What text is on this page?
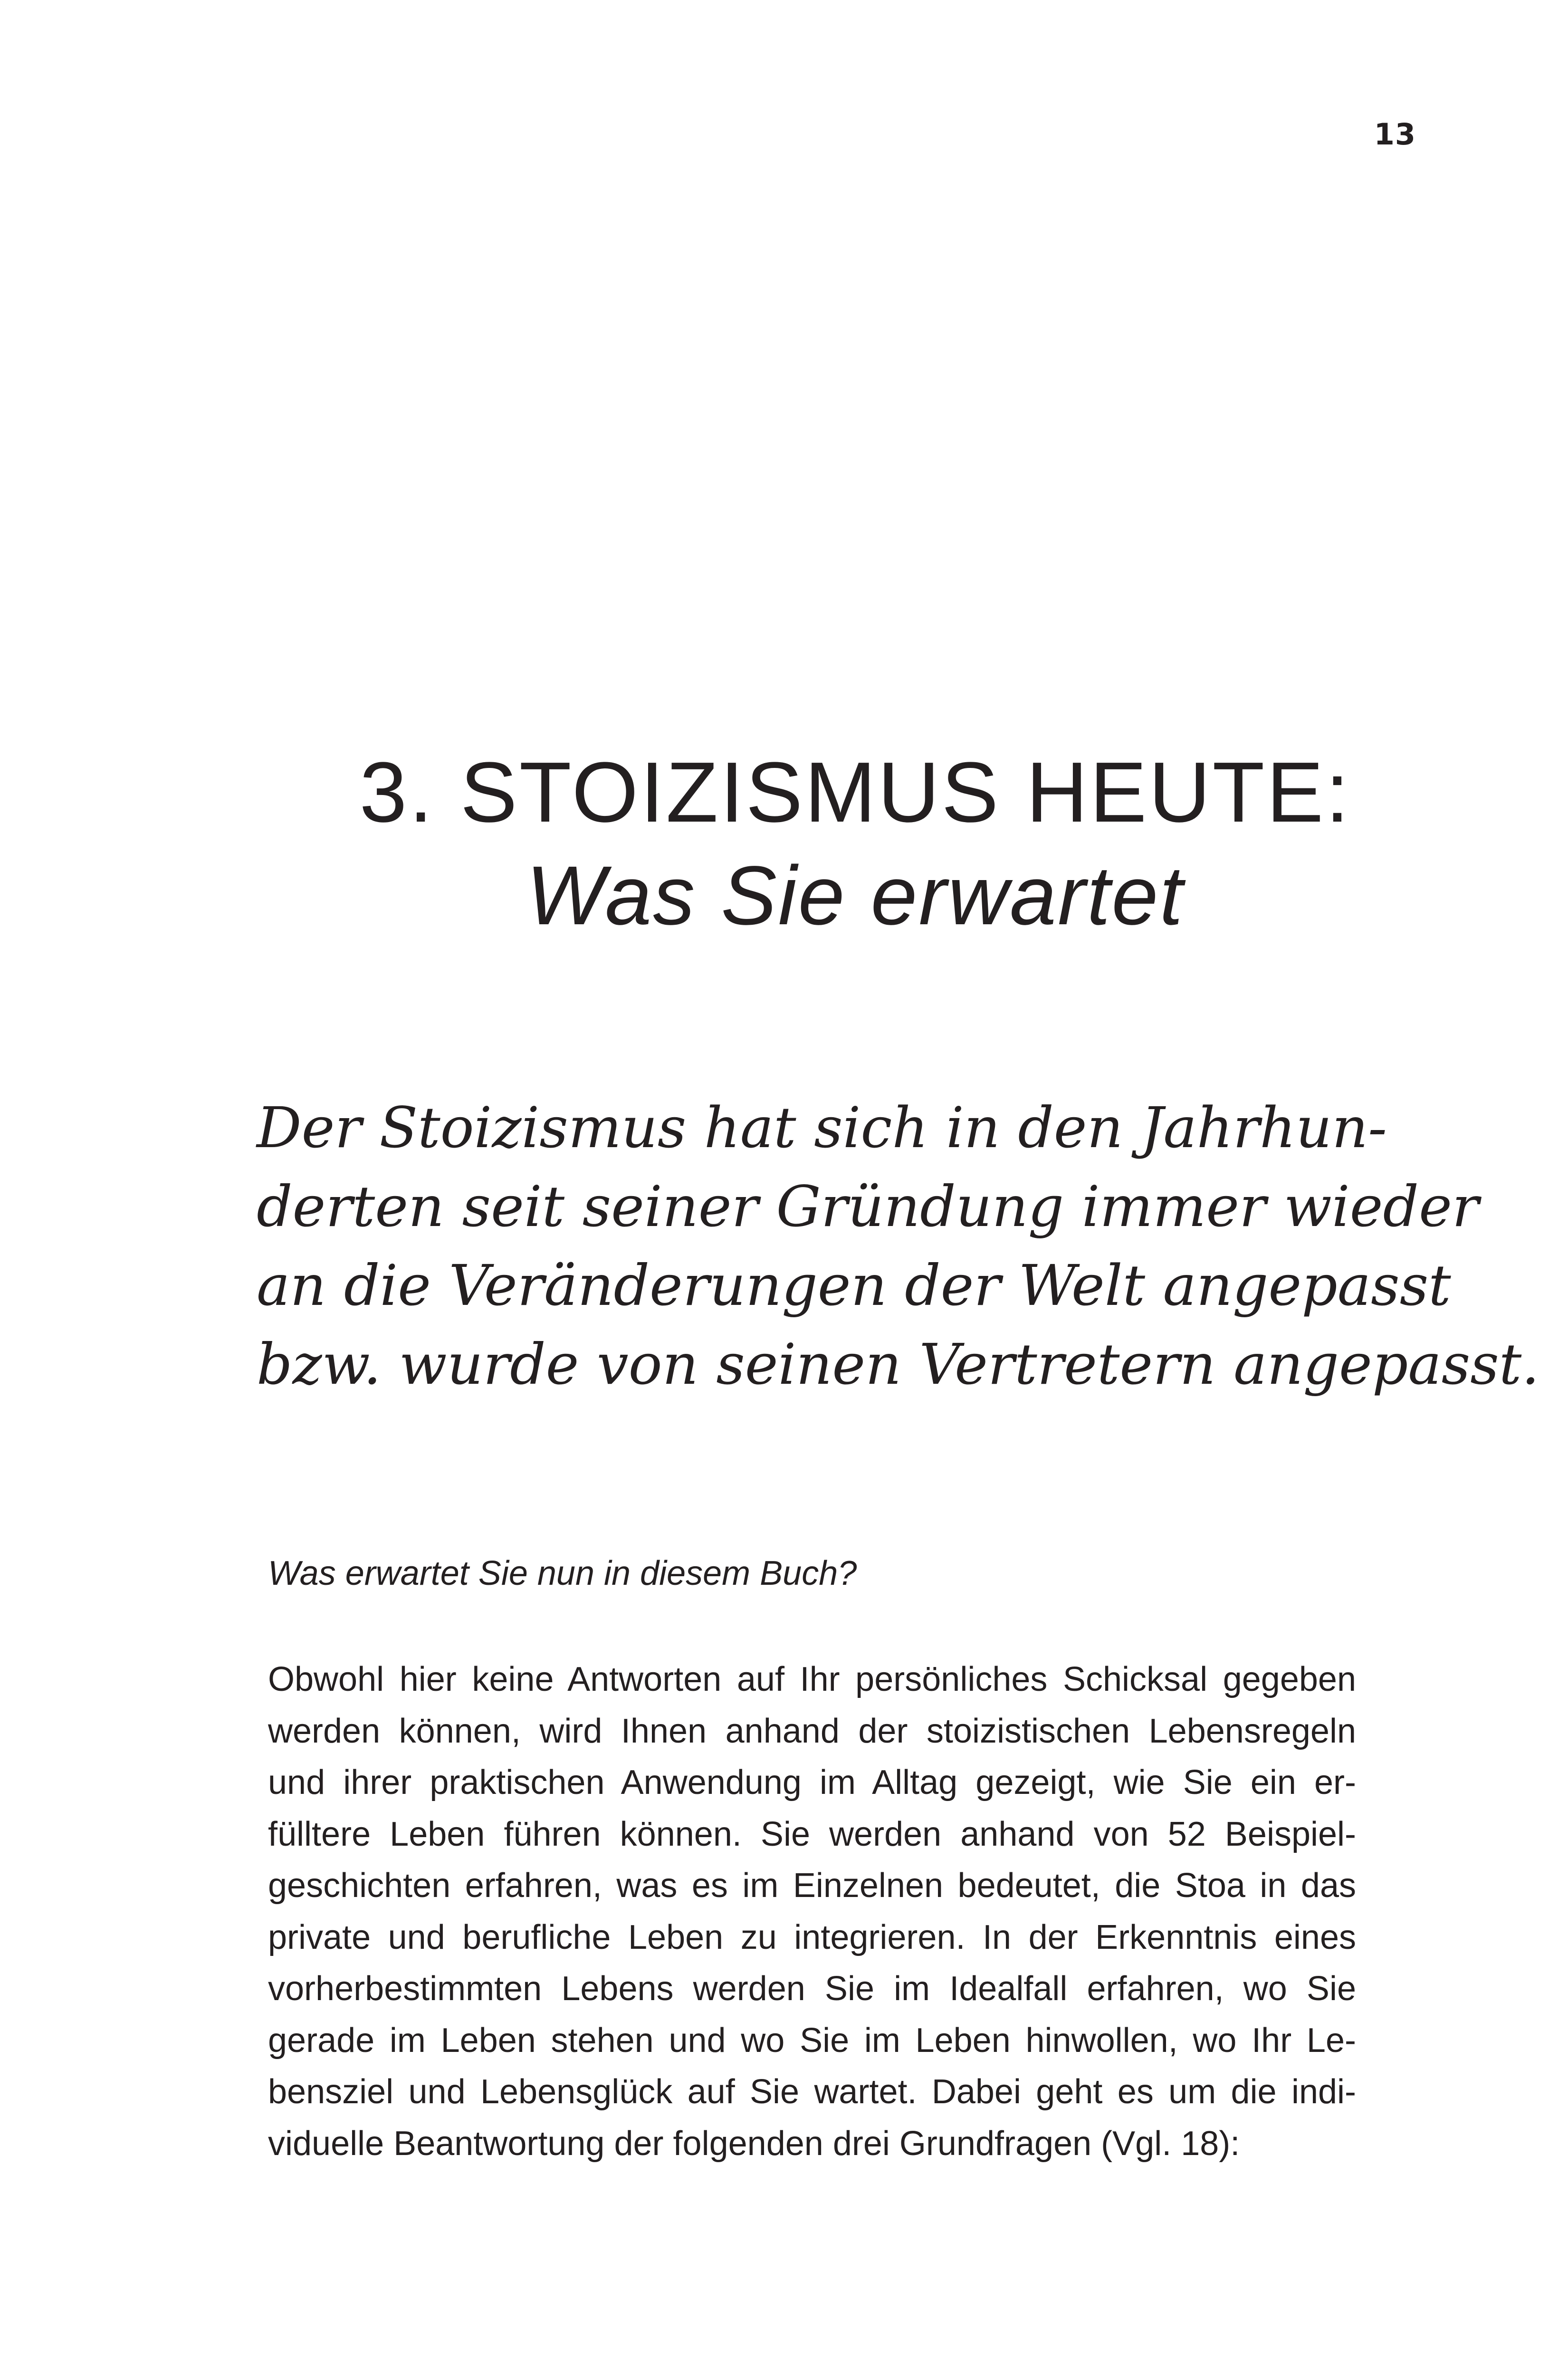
13
3. STOIZISMUS HEUTE:
Was Sie erwartet
Der Stoizismus hat sich in den Jahrhun-
derten seit seiner Gründung immer wieder
an die Veränderungen der Welt angepasst
bzw. wurde von seinen Vertretern angepasst.

Was erwartet Sie nun in diesem Buch?

Obwohl hier keine Antworten auf Ihr persönliches Schicksal gegeben
werden können, wird Ihnen anhand der stoizistischen Lebensregeln
und ihrer praktischen Anwendung im Alltag gezeigt, wie Sie ein er-
fülltere Leben führen können. Sie werden anhand von 52 Beispiel-
geschichten erfahren, was es im Einzelnen bedeutet, die Stoa in das
private und berufliche Leben zu integrieren. In der Erkenntnis eines
vorherbestimmten Lebens werden Sie im Idealfall erfahren, wo Sie
gerade im Leben stehen und wo Sie im Leben hinwollen, wo Ihr Le-
bensziel und Lebensglück auf Sie wartet. Dabei geht es um die indi-
viduelle Beantwortung der folgenden drei Grundfragen (Vgl. 18):
